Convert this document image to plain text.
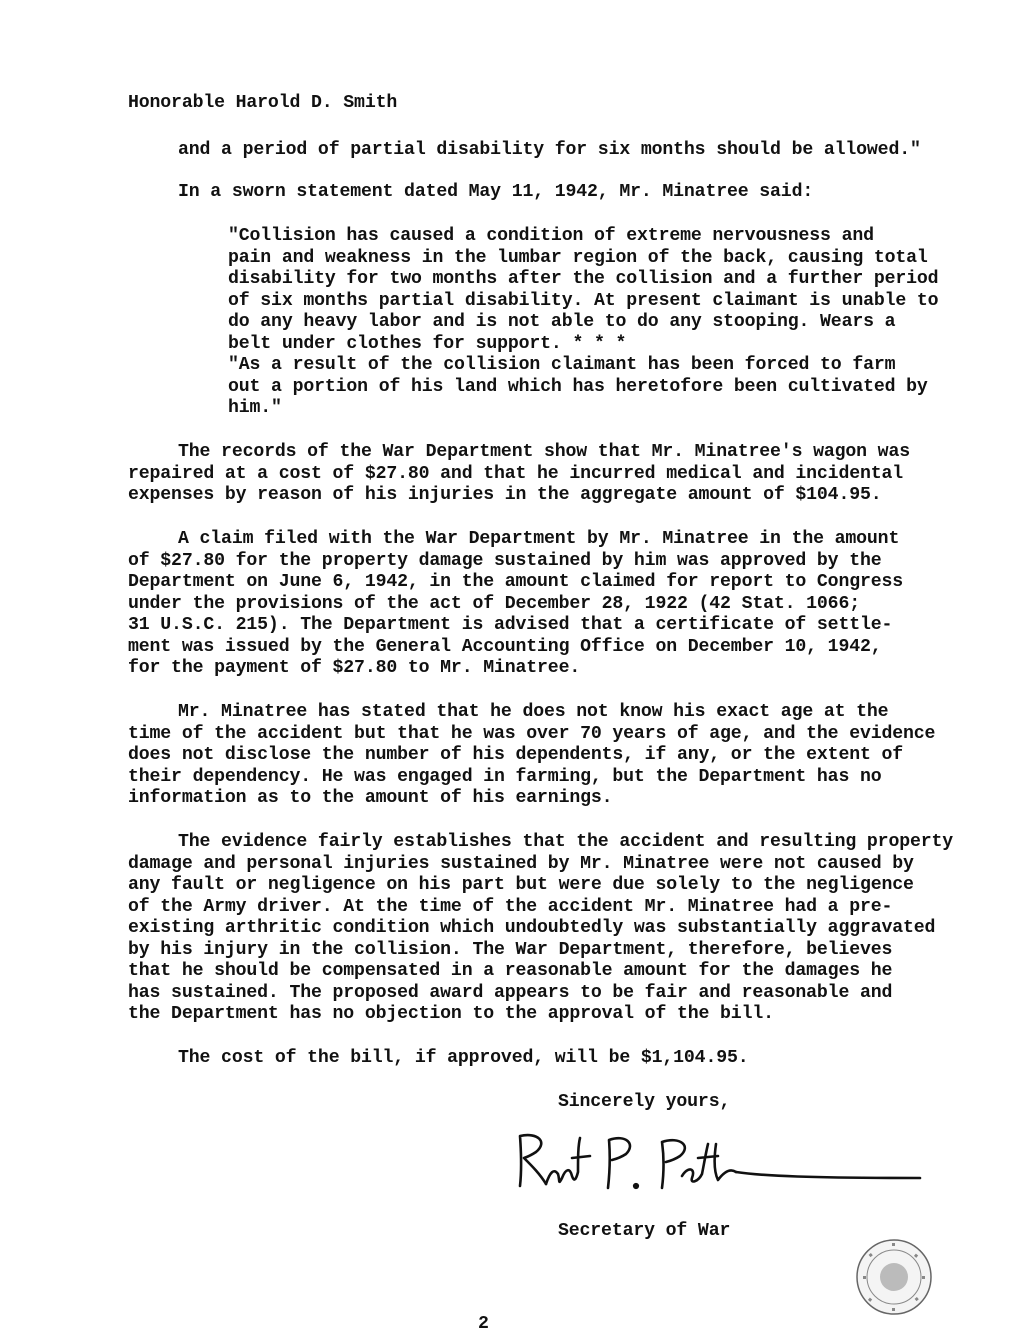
Honorable Harold D. Smith
and a period of partial disability for six months should be allowed."
In a sworn statement dated May 11, 1942, Mr. Minatree said:
"Collision has caused a condition of extreme nervousness and
pain and weakness in the lumbar region of the back, causing total
disability for two months after the collision and a further period
of six months partial disability. At present claimant is unable to
do any heavy labor and is not able to do any stooping. Wears a
belt under clothes for support. * * *
"As a result of the collision claimant has been forced to farm
out a portion of his land which has heretofore been cultivated by
him."
The records of the War Department show that Mr. Minatree's wagon was
repaired at a cost of $27.80 and that he incurred medical and incidental
expenses by reason of his injuries in the aggregate amount of $104.95.
A claim filed with the War Department by Mr. Minatree in the amount
of $27.80 for the property damage sustained by him was approved by the
Department on June 6, 1942, in the amount claimed for report to Congress
under the provisions of the act of December 28, 1922 (42 Stat. 1066;
31 U.S.C. 215). The Department is advised that a certificate of settle-
ment was issued by the General Accounting Office on December 10, 1942,
for the payment of $27.80 to Mr. Minatree.
Mr. Minatree has stated that he does not know his exact age at the
time of the accident but that he was over 70 years of age, and the evidence
does not disclose the number of his dependents, if any, or the extent of
their dependency. He was engaged in farming, but the Department has no
information as to the amount of his earnings.
The evidence fairly establishes that the accident and resulting property
damage and personal injuries sustained by Mr. Minatree were not caused by
any fault or negligence on his part but were due solely to the negligence
of the Army driver. At the time of the accident Mr. Minatree had a pre-
existing arthritic condition which undoubtedly was substantially aggravated
by his injury in the collision. The War Department, therefore, believes
that he should be compensated in a reasonable amount for the damages he
has sustained. The proposed award appears to be fair and reasonable and
the Department has no objection to the approval of the bill.
The cost of the bill, if approved, will be $1,104.95.
Sincerely yours,
Secretary of War
2
